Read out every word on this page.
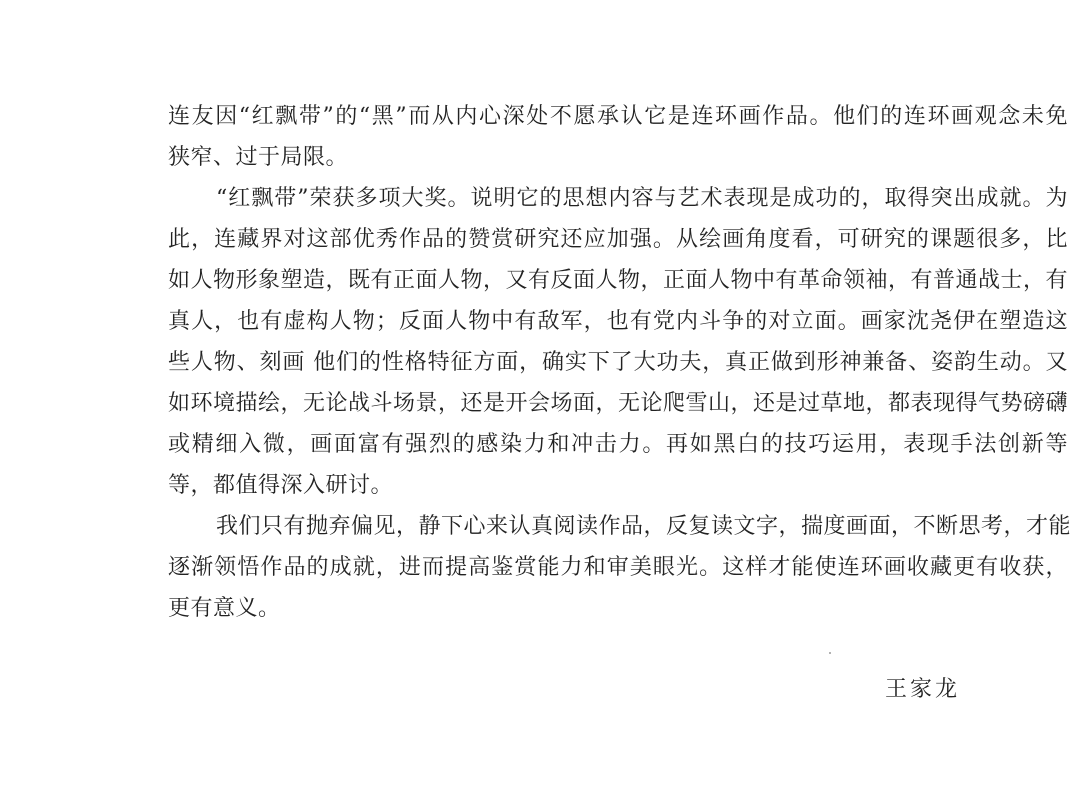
连友因“红飘带”的“黑”而从内心深处不愿承认它是连环画作品。他们的连环画观念未免
狭窄、过于局限。
“红飘带”荣获多项大奖。说明它的思想内容与艺术表现是成功的，取得突出成就。为
此，连藏界对这部优秀作品的赞赏研究还应加强。从绘画角度看，可研究的课题很多，比
如人物形象塑造，既有正面人物，又有反面人物，正面人物中有革命领袖，有普通战士，有
真人，也有虚构人物；反面人物中有敌军，也有党内斗争的对立面。画家沈尧伊在塑造这
些人物、刻画 他们的性格特征方面，确实下了大功夫，真正做到形神兼备、姿韵生动。又
如环境描绘，无论战斗场景，还是开会场面，无论爬雪山，还是过草地，都表现得气势磅礴
或精细入微，画面富有强烈的感染力和冲击力。再如黑白的技巧运用，表现手法创新等
等，都值得深入研讨。
我们只有抛弃偏见，静下心来认真阅读作品，反复读文字，揣度画面，不断思考，才能
逐渐领悟作品的成就，进而提高鉴赏能力和审美眼光。这样才能使连环画收藏更有收获，
更有意义。
王家龙
